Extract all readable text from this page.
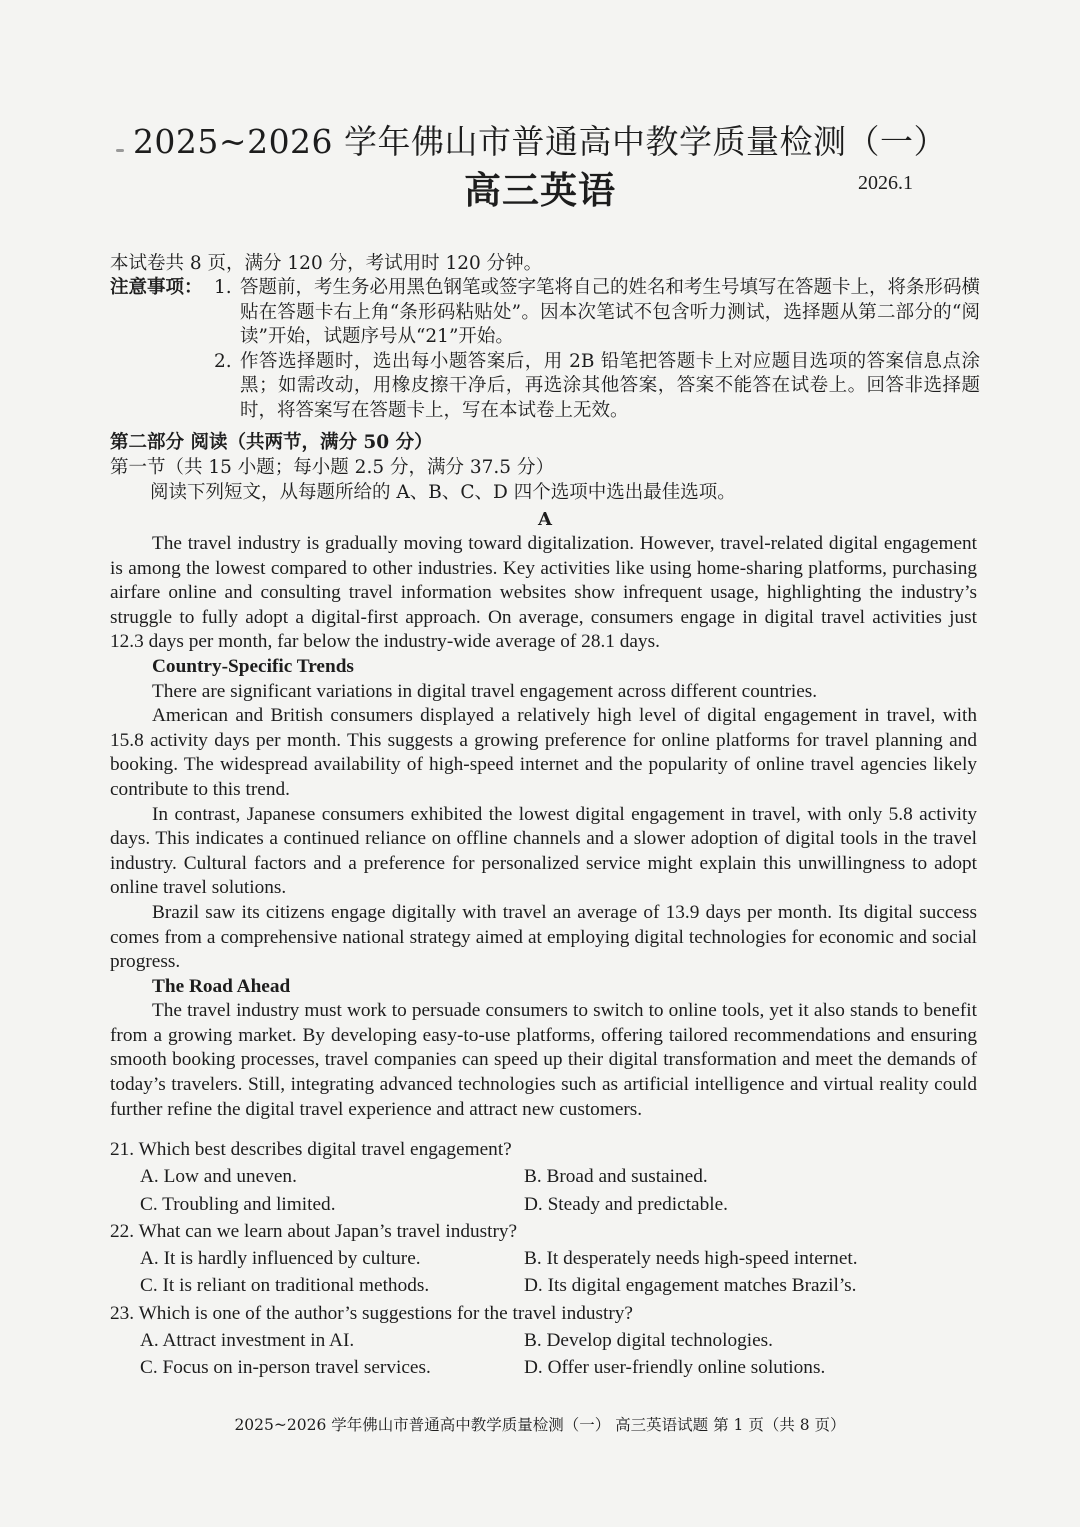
2025~2026 学年佛山市普通高中教学质量检测（一）
高三英语	2026.1
本试卷共 8 页，满分 120 分，考试用时 120 分钟。
注意事项： 1. 答题前，考生务必用黑色钢笔或签字笔将自己的姓名和考生号填写在答题卡上，将条形码横贴在答题卡右上角“条形码粘贴处”。因本次笔试不包含听力测试，选择题从第二部分的“阅读”开始，试题序号从“21”开始。
2. 作答选择题时，选出每小题答案后，用 2B 铅笔把答题卡上对应题目选项的答案信息点涂黑；如需改动，用橡皮擦干净后，再选涂其他答案，答案不能答在试卷上。回答非选择题时，将答案写在答题卡上，写在本试卷上无效。
第二部分 阅读（共两节，满分 50 分）
第一节（共 15 小题；每小题 2.5 分，满分 37.5 分）
阅读下列短文，从每题所给的 A、B、C、D 四个选项中选出最佳选项。
A

The travel industry is gradually moving toward digitalization. However, travel-related digital engagement is among the lowest compared to other industries. Key activities like using home-sharing platforms, purchasing airfare online and consulting travel information websites show infrequent usage, highlighting the industry’s struggle to fully adopt a digital-first approach. On average, consumers engage in digital travel activities just 12.3 days per month, far below the industry-wide average of 28.1 days.

Country-Specific Trends

There are significant variations in digital travel engagement across different countries.

American and British consumers displayed a relatively high level of digital engagement in travel, with 15.8 activity days per month. This suggests a growing preference for online platforms for travel planning and booking. The widespread availability of high-speed internet and the popularity of online travel agencies likely contribute to this trend.

In contrast, Japanese consumers exhibited the lowest digital engagement in travel, with only 5.8 activity days. This indicates a continued reliance on offline channels and a slower adoption of digital tools in the travel industry. Cultural factors and a preference for personalized service might explain this unwillingness to adopt online travel solutions.

Brazil saw its citizens engage digitally with travel an average of 13.9 days per month. Its digital success comes from a comprehensive national strategy aimed at employing digital technologies for economic and social progress.

The Road Ahead

The travel industry must work to persuade consumers to switch to online tools, yet it also stands to benefit from a growing market. By developing easy-to-use platforms, offering tailored recommendations and ensuring smooth booking processes, travel companies can speed up their digital transformation and meet the demands of today’s travelers. Still, integrating advanced technologies such as artificial intelligence and virtual reality could further refine the digital travel experience and attract new customers.

21. Which best describes digital travel engagement?

A. Low and uneven.	B. Broad and sustained.
C. Troubling and limited.	D. Steady and predictable.

22. What can we learn about Japan’s travel industry?

A. It is hardly influenced by culture.	B. It desperately needs high-speed internet.
C. It is reliant on traditional methods.	D. Its digital engagement matches Brazil’s.

23. Which is one of the author’s suggestions for the travel industry?

A. Attract investment in AI.	B. Develop digital technologies.
C. Focus on in-person travel services.	D. Offer user-friendly online solutions.
2025~2026 学年佛山市普通高中教学质量检测（一） 高三英语试题 第 1 页（共 8 页）
